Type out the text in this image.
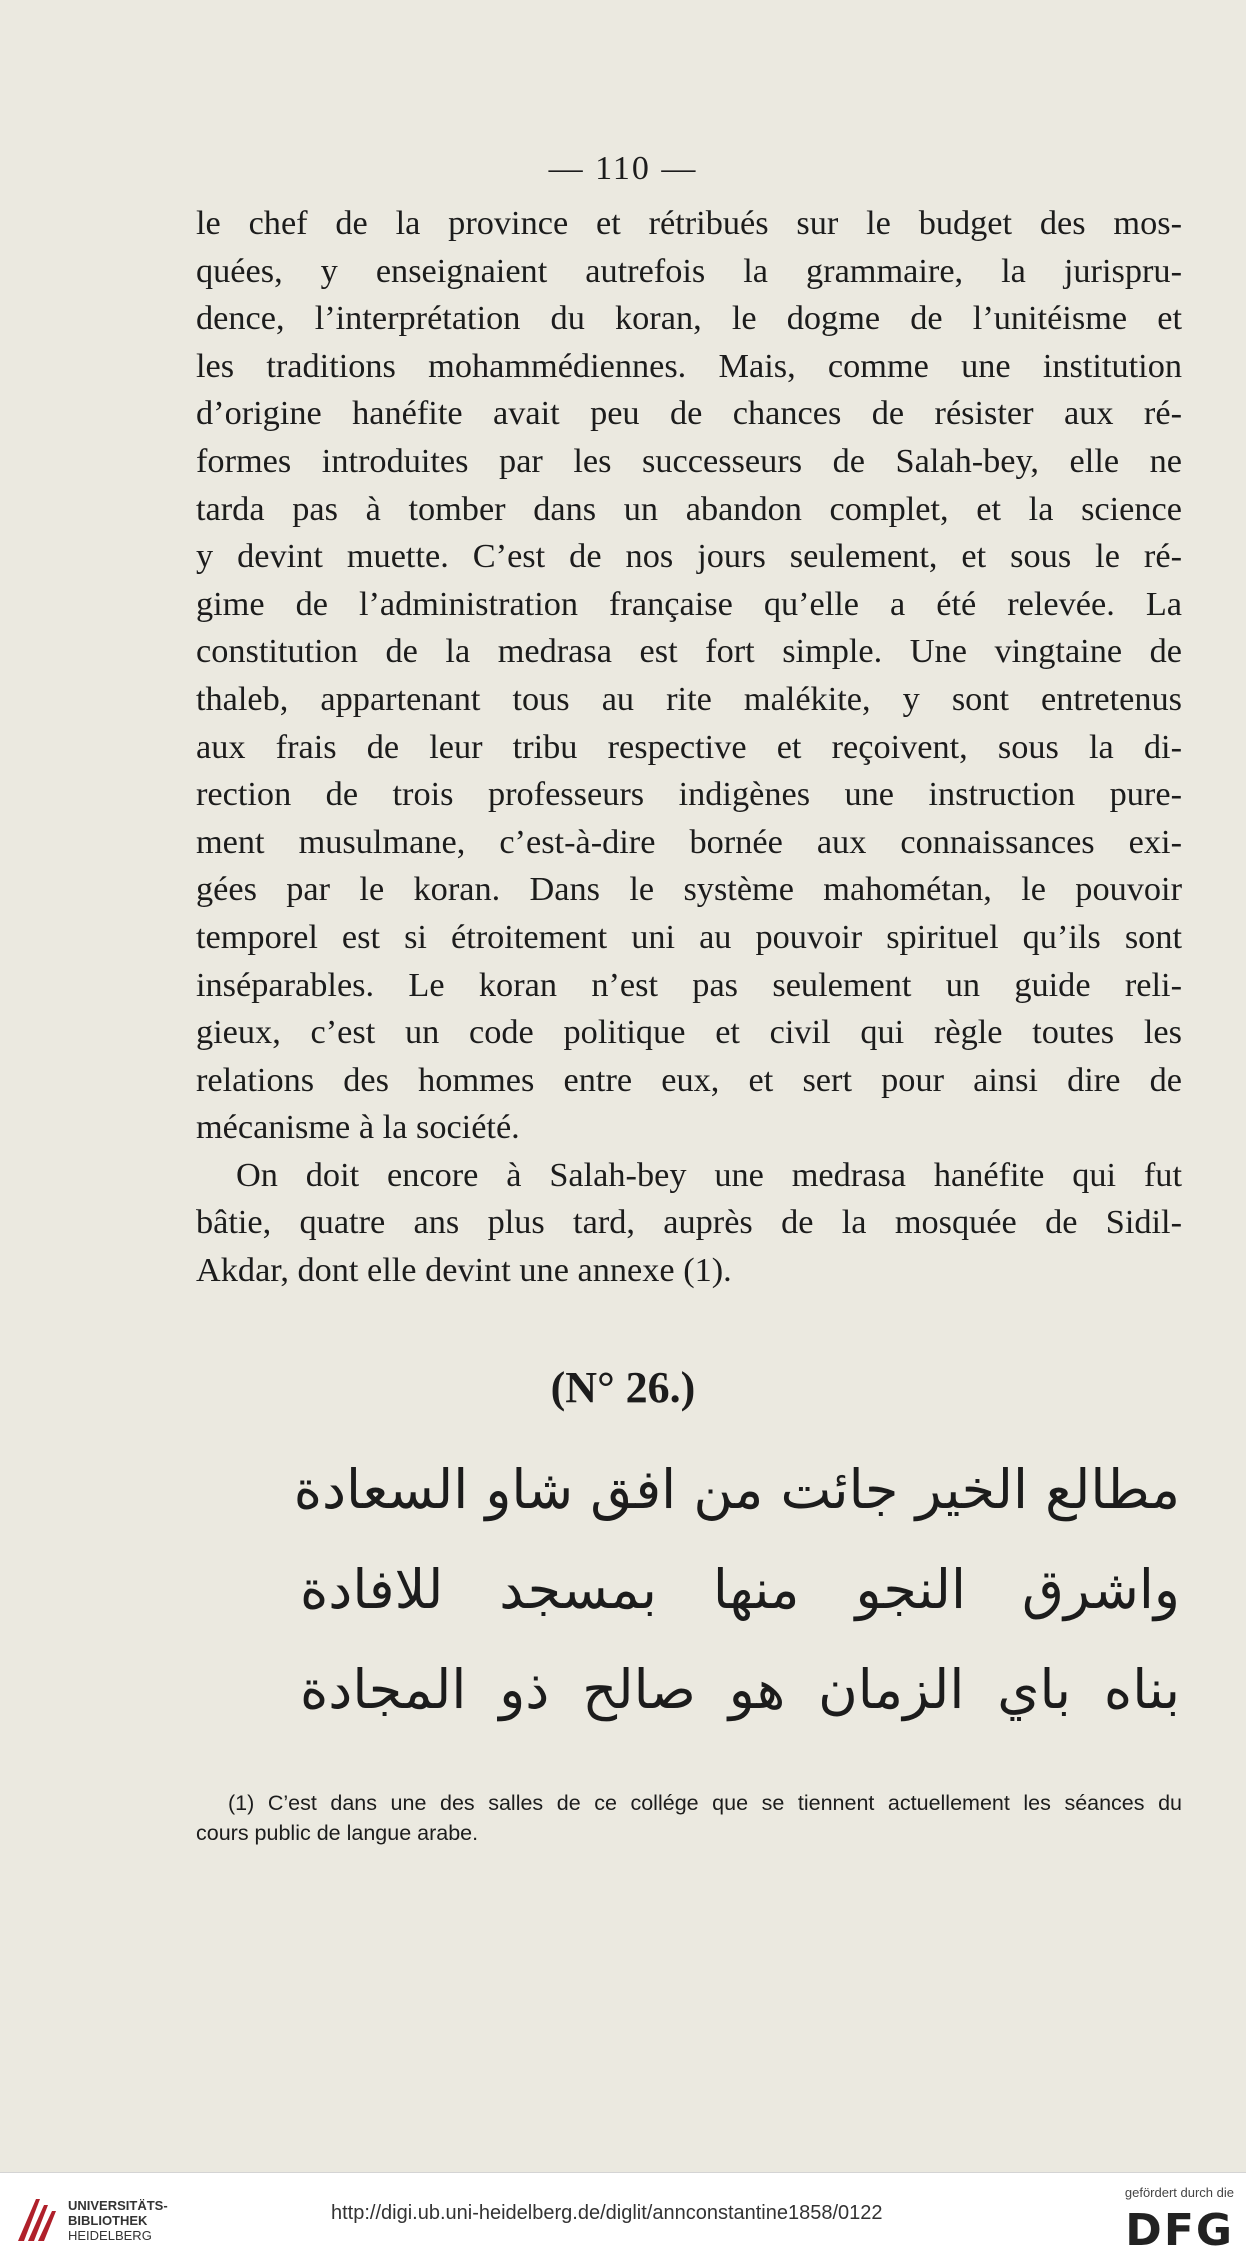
— 110 —
le chef de la province et rétribués sur le budget des mos-
quées, y enseignaient autrefois la grammaire, la jurispru-
dence, l’interprétation du koran, le dogme de l’unitéisme et
les traditions mohammédiennes. Mais, comme une institution
d’origine hanéfite avait peu de chances de résister aux ré-
formes introduites par les successeurs de Salah-bey, elle ne
tarda pas à tomber dans un abandon complet, et la science
y devint muette. C’est de nos jours seulement, et sous le ré-
gime de l’administration française qu’elle a été relevée. La
constitution de la medrasa est fort simple. Une vingtaine de
thaleb, appartenant tous au rite malékite, y sont entretenus
aux frais de leur tribu respective et reçoivent, sous la di-
rection de trois professeurs indigènes une instruction pure-
ment musulmane, c’est-à-dire bornée aux connaissances exi-
gées par le koran. Dans le système mahométan, le pouvoir
temporel est si étroitement uni au pouvoir spirituel qu’ils sont
inséparables. Le koran n’est pas seulement un guide reli-
gieux, c’est un code politique et civil qui règle toutes les
relations des hommes entre eux, et sert pour ainsi dire de
mécanisme à la société.
On doit encore à Salah-bey une medrasa hanéfite qui fut
bâtie, quatre ans plus tard, auprès de la mosquée de Sidil-
Akdar, dont elle devint une annexe (1).
(N° 26.)
مطالع الخير جائت من افق شاو السعادة
واشرق النجو منها بمسجد للافادة
بناه باي الزمان هو صالح ذو المجادة
(1) C’est dans une des salles de ce collége que se tiennent actuellement les séances du
cours public de langue arabe.
UNIVERSITÄTS-
BIBLIOTHEK
HEIDELBERG
http://digi.ub.uni-heidelberg.de/diglit/annconstantine1858/0122
gefördert durch die
DFG
